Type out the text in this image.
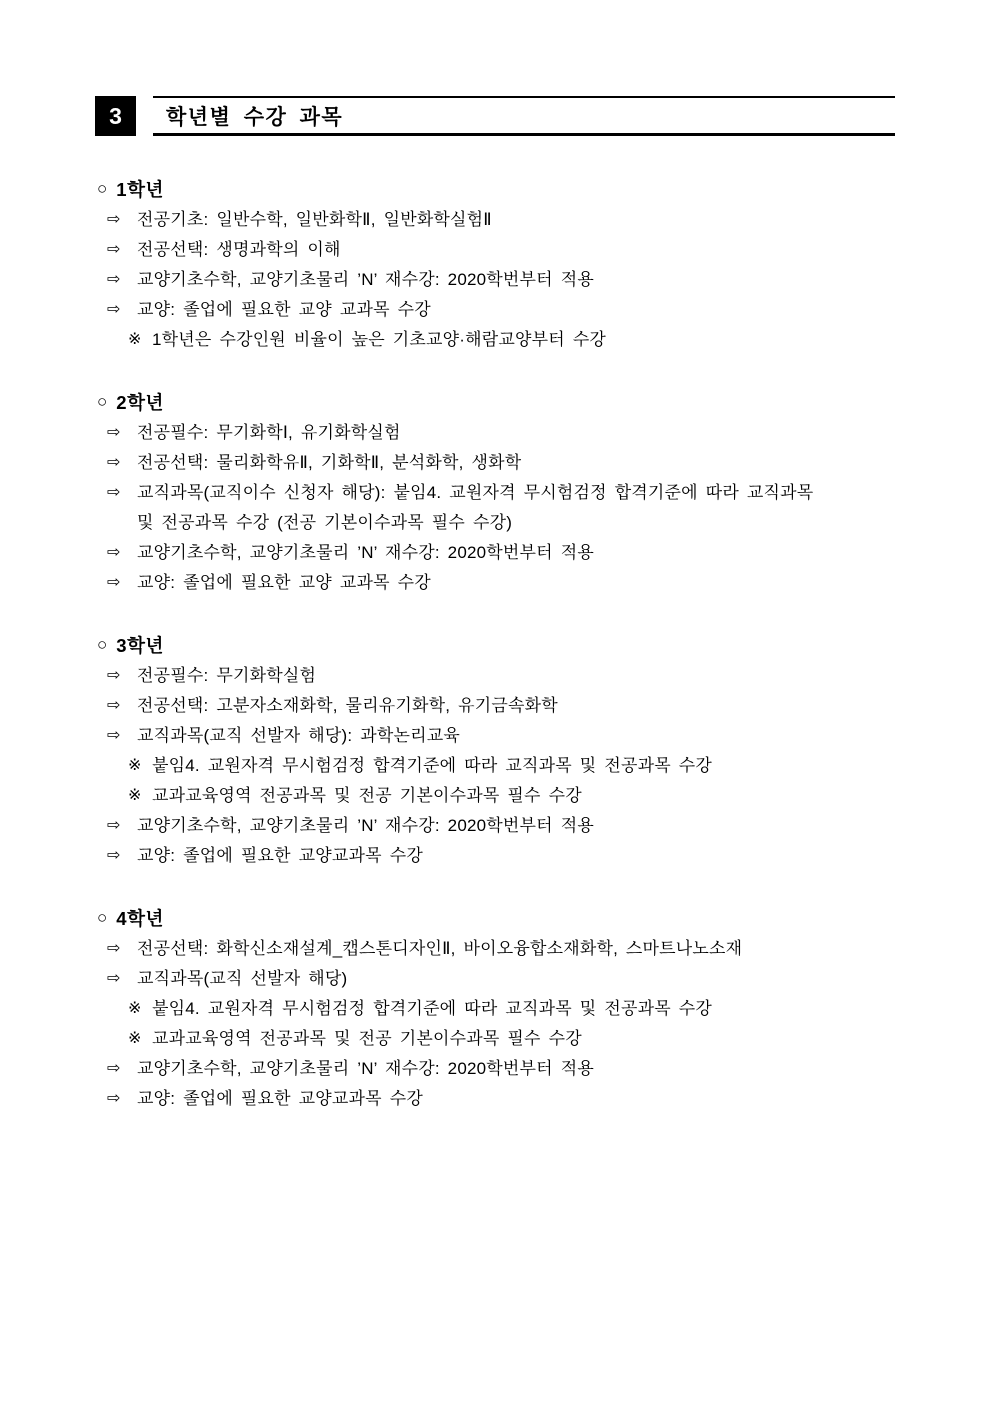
3	학년별 수강 과목
○ 1학년
⇨ 전공기초: 일반수학, 일반화학Ⅱ, 일반화학실험Ⅱ
⇨ 전공선택: 생명과학의 이해
⇨ 교양기초수학, 교양기초물리 ’N’ 재수강: 2020학번부터 적용
⇨ 교양: 졸업에 필요한 교양 교과목 수강
※ 1학년은 수강인원 비율이 높은 기초교양·해람교양부터 수강
○ 2학년
⇨ 전공필수: 무기화학Ⅰ, 유기화학실험
⇨ 전공선택: 물리화학유Ⅱ, 기화학Ⅱ, 분석화학, 생화학
⇨ 교직과목(교직이수 신청자 해당): 붙임4. 교원자격 무시험검정 합격기준에 따라 교직과목
및 전공과목 수강 (전공 기본이수과목 필수 수강)
⇨ 교양기초수학, 교양기초물리 ’N’ 재수강: 2020학번부터 적용
⇨ 교양: 졸업에 필요한 교양 교과목 수강
○ 3학년
⇨ 전공필수: 무기화학실험
⇨ 전공선택: 고분자소재화학, 물리유기화학, 유기금속화학
⇨ 교직과목(교직 선발자 해당): 과학논리교육
※ 붙임4. 교원자격 무시험검정 합격기준에 따라 교직과목 및 전공과목 수강
※ 교과교육영역 전공과목 및 전공 기본이수과목 필수 수강
⇨ 교양기초수학, 교양기초물리 ’N’ 재수강: 2020학번부터 적용
⇨ 교양: 졸업에 필요한 교양교과목 수강
○ 4학년
⇨ 전공선택: 화학신소재설계_캡스톤디자인Ⅱ, 바이오융합소재화학, 스마트나노소재
⇨ 교직과목(교직 선발자 해당)
※ 붙임4. 교원자격 무시험검정 합격기준에 따라 교직과목 및 전공과목 수강
※ 교과교육영역 전공과목 및 전공 기본이수과목 필수 수강
⇨ 교양기초수학, 교양기초물리 ’N’ 재수강: 2020학번부터 적용
⇨ 교양: 졸업에 필요한 교양교과목 수강
